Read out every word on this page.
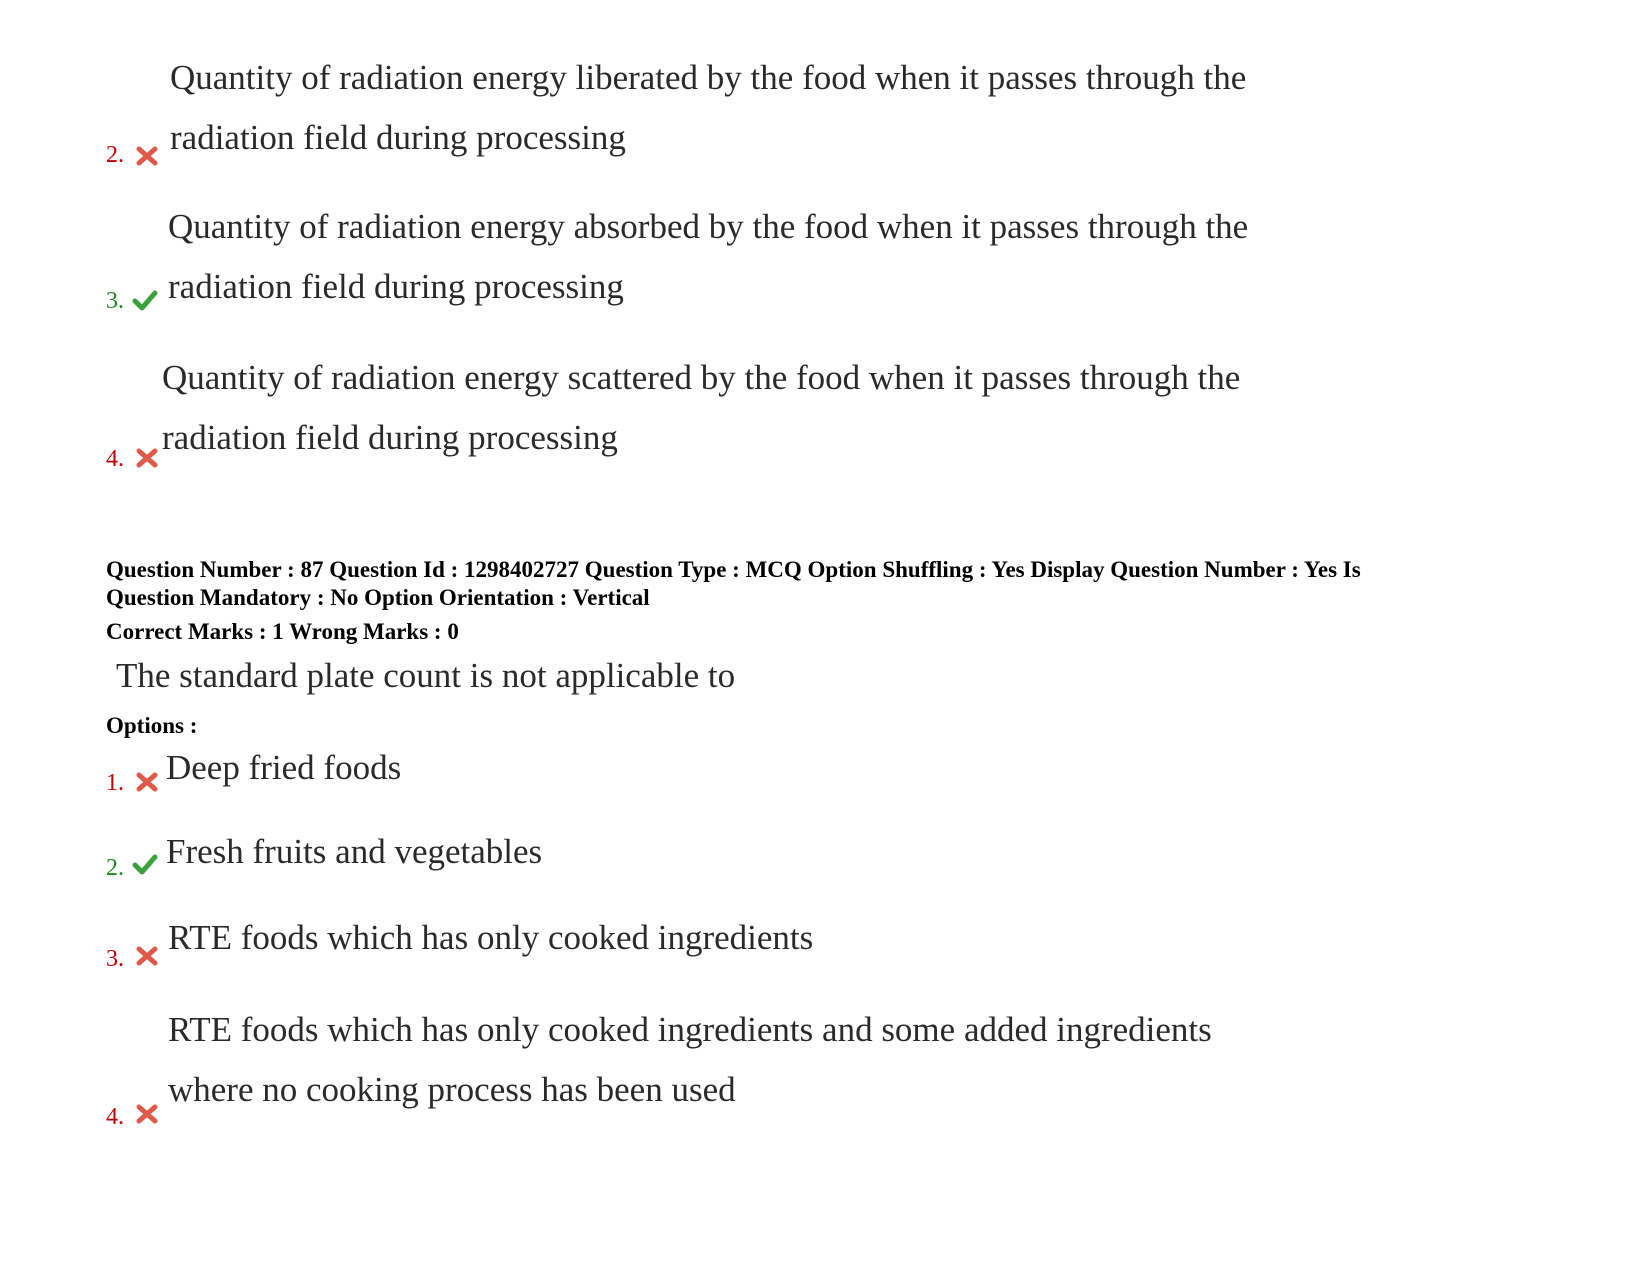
2.
Quantity of radiation energy liberated by the food when it passes through the
radiation field during processing
3.
Quantity of radiation energy absorbed by the food when it passes through the
radiation field during processing
4.
Quantity of radiation energy scattered by the food when it passes through the
radiation field during processing
Question Number : 87 Question Id : 1298402727 Question Type : MCQ Option Shuffling : Yes Display Question Number : Yes Is
Question Mandatory : No Option Orientation : Vertical
Correct Marks : 1 Wrong Marks : 0
The standard plate count is not applicable to
Options :
1. Deep fried foods
2. Fresh fruits and vegetables
3.
RTE foods which has only cooked ingredients
4.
RTE foods which has only cooked ingredients and some added ingredients
where no cooking process has been used
